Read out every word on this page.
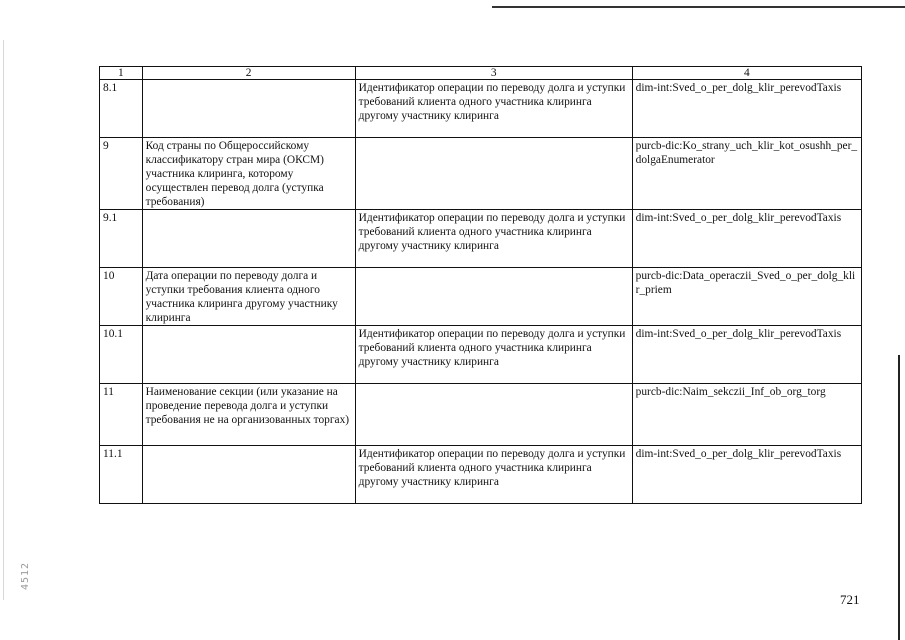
1	2	3	4
8.1		Идентификатор операции по переводу долга и уступки требований клиента одного участника клиринга другому участнику клиринга	dim-int:Sved_o_per_dolg_klir_perevodTaxis
9	Код страны по Общероссийскому классификатору стран мира (ОКСМ) участника клиринга, которому осуществлен перевод долга (уступка требования)		purcb-dic:Ko_strany_uch_klir_kot_osushh_per_dolgaEnumerator
9.1		Идентификатор операции по переводу долга и уступки требований клиента одного участника клиринга другому участнику клиринга	dim-int:Sved_o_per_dolg_klir_perevodTaxis
10	Дата операции по переводу долга и уступки требования клиента одного участника клиринга другому участнику клиринга		purcb-dic:Data_operaczii_Sved_o_per_dolg_klir_priem
10.1		Идентификатор операции по переводу долга и уступки требований клиента одного участника клиринга другому участнику клиринга	dim-int:Sved_o_per_dolg_klir_perevodTaxis
11	Наименование секции (или указание на проведение перевода долга и уступки требования не на организованных торгах)		purcb-dic:Naim_sekczii_Inf_ob_org_torg
11.1		Идентификатор операции по переводу долга и уступки требований клиента одного участника клиринга другому участнику клиринга	dim-int:Sved_o_per_dolg_klir_perevodTaxis
4512
721
